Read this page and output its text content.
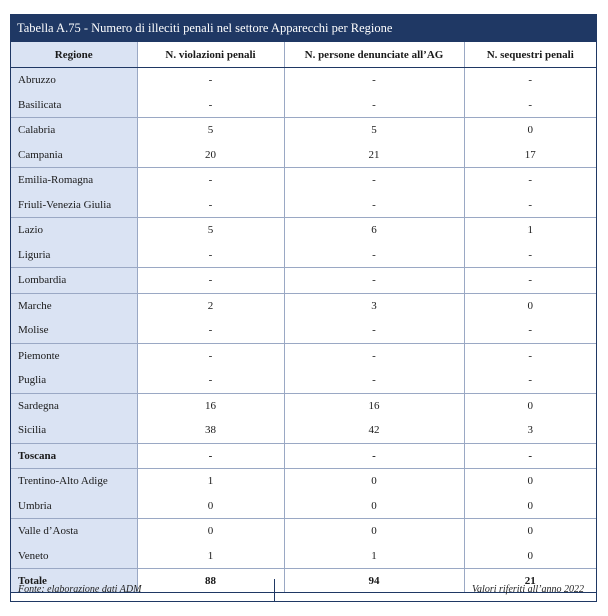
Tabella A.75 - Numero di illeciti penali nel settore Apparecchi per Regione
Regione	N. violazioni penali	N. persone denunciate all’AG	N. sequestri penali
Abruzzo	-	-	-
Basilicata	-	-	-
Calabria	5	5	0
Campania	20	21	17
Emilia-Romagna	-	-	-
Friuli-Venezia Giulia	-	-	-
Lazio	5	6	1
Liguria	-	-	-
Lombardia	-	-	-
Marche	2	3	0
Molise	-	-	-
Piemonte	-	-	-
Puglia	-	-	-
Sardegna	16	16	0
Sicilia	38	42	3
Toscana	-	-	-
Trentino-Alto Adige	1	0	0
Umbria	0	0	0
Valle d’Aosta	0	0	0
Veneto	1	1	0
Totale	88	94	21
Fonte: elaborazione dati ADM	Valori riferiti all’anno 2022
